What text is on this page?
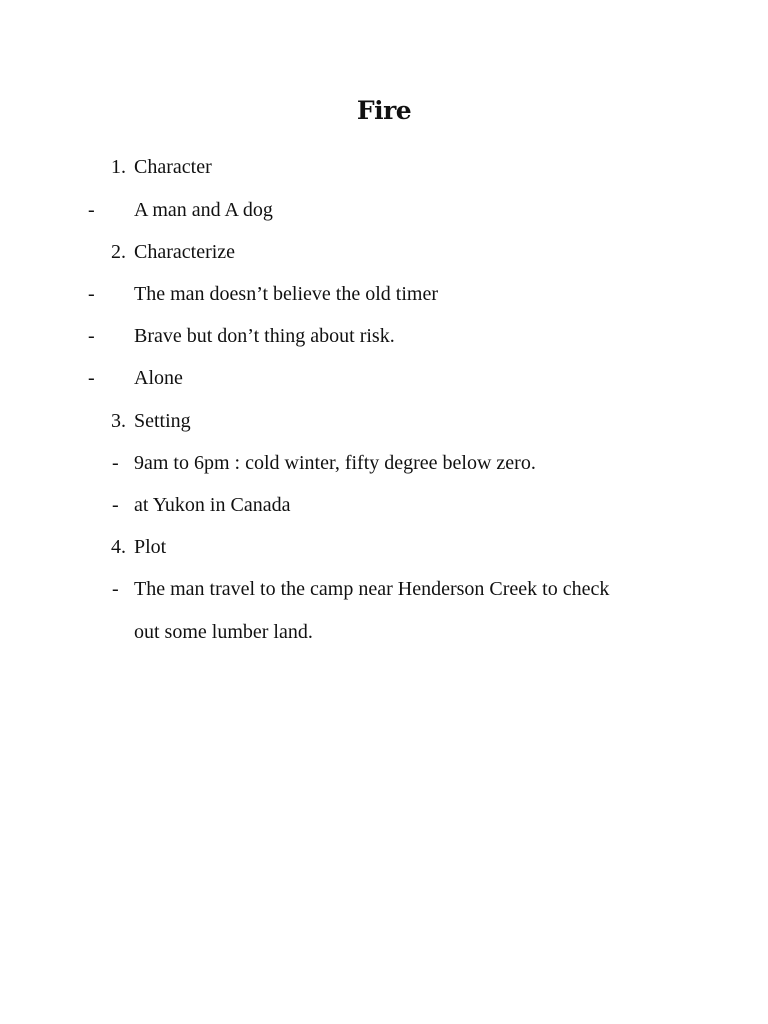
Fire
1. Character
- A man and A dog
2. Characterize
- The man doesn’t believe the old timer
- Brave but don’t thing about risk.
- Alone
3. Setting
- 9am to 6pm : cold winter, fifty degree below zero.
- at Yukon in Canada
4. Plot
- The man travel to the camp near Henderson Creek to check
out some lumber land.
